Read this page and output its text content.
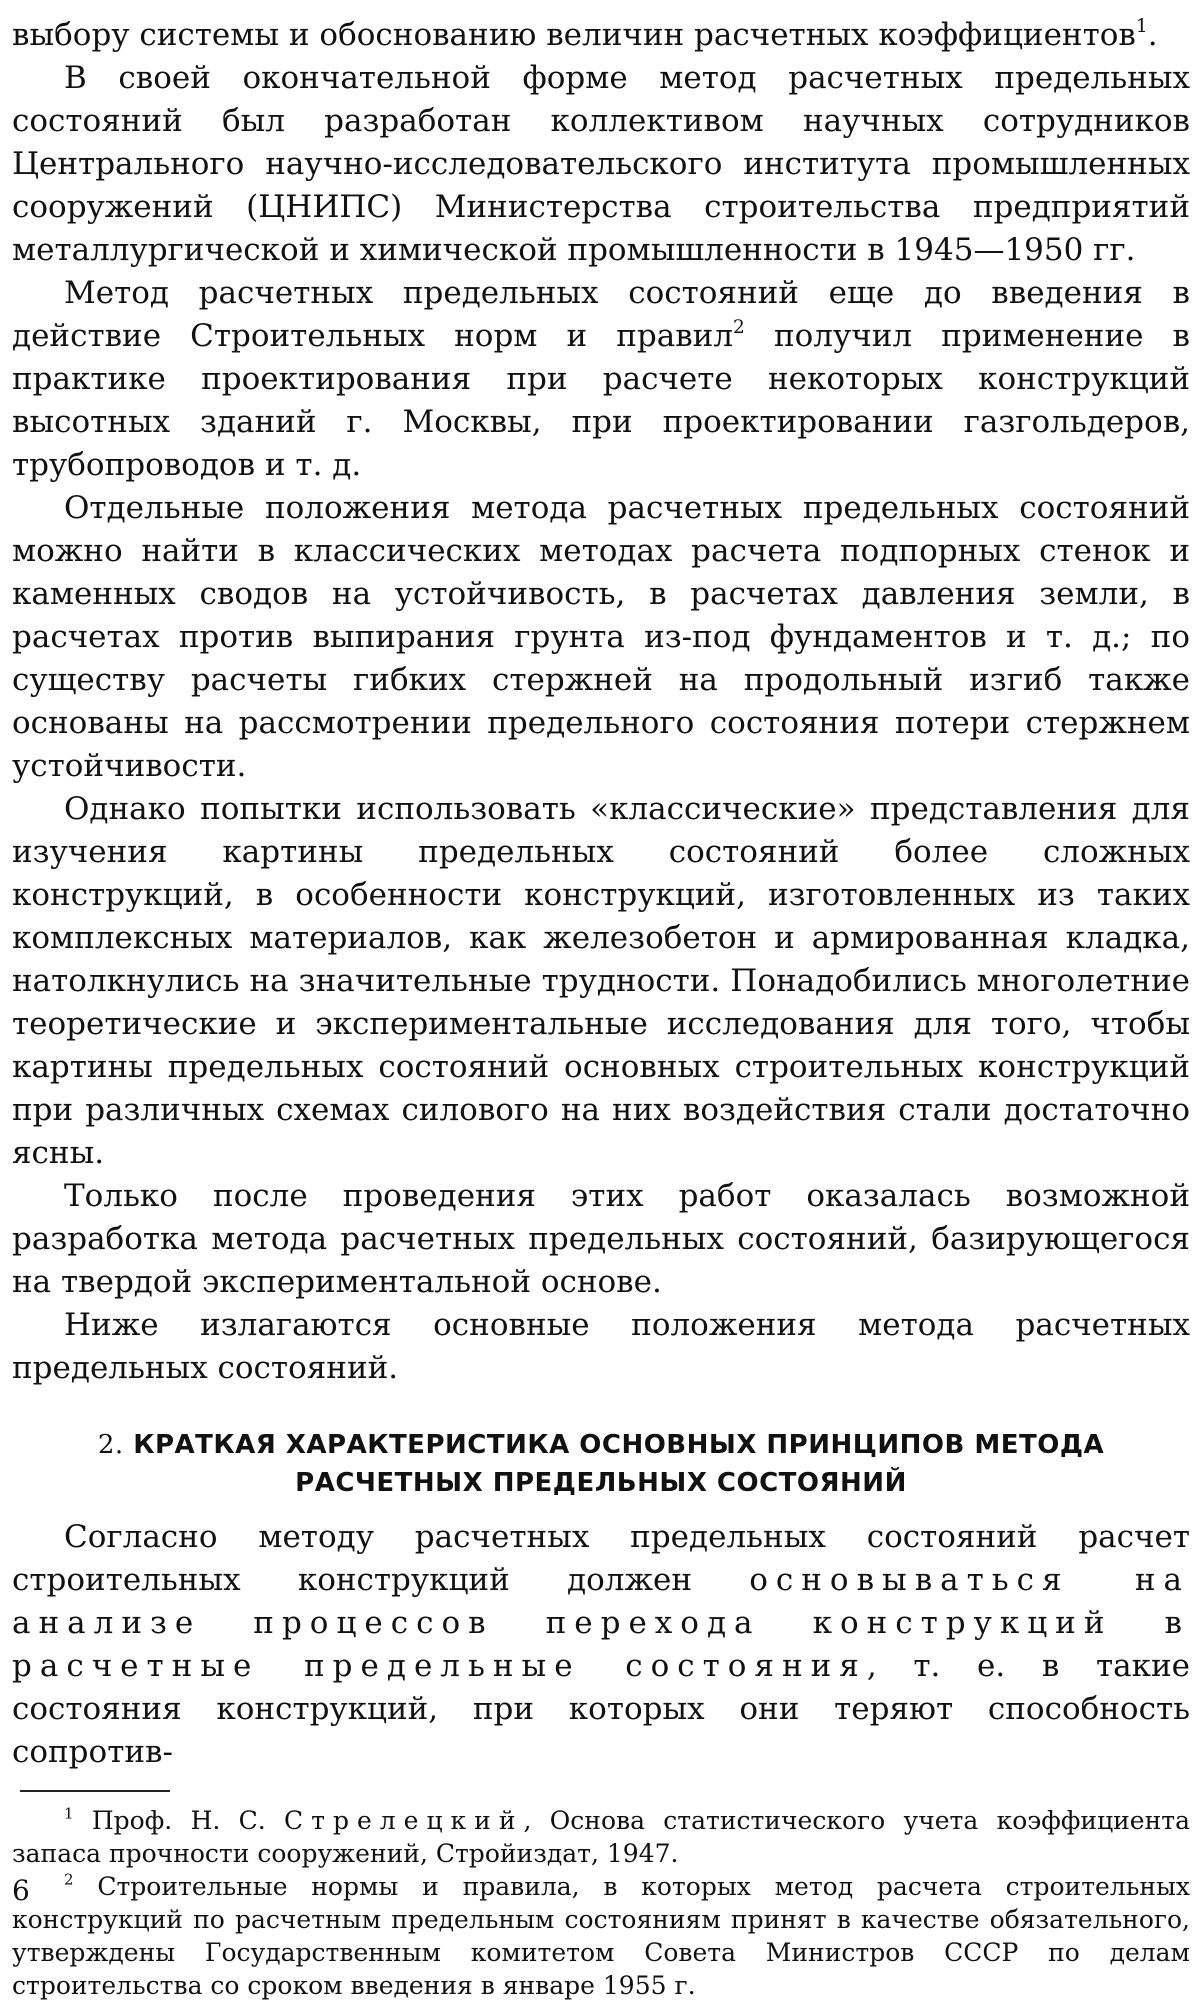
выбору системы и обоснованию величин расчетных коэффициентов$^1$.

В своей окончательной форме метод расчетных предельных состояний был разработан коллективом научных сотрудников Центрального научно-исследовательского института промышленных сооружений (ЦНИПС) Министерства строительства предприятий металлургической и химической промышленности в 1945—1950 гг.

Метод расчетных предельных состояний еще до введения в действие Строительных норм и правил$^2$ получил применение в практике проектирования при расчете некоторых конструкций высотных зданий г. Москвы, при проектировании газгольдеров, трубопроводов и т. д.

Отдельные положения метода расчетных предельных состояний можно найти в классических методах расчета подпорных стенок и каменных сводов на устойчивость, в расчетах давления земли, в расчетах против выпирания грунта из-под фундаментов и т. д.; по существу расчеты гибких стержней на продольный изгиб также основаны на рассмотрении предельного состояния потери стержнем устойчивости.

Однако попытки использовать «классические» представления для изучения картины предельных состояний более сложных конструкций, в особенности конструкций, изготовленных из таких комплексных материалов, как железобетон и армированная кладка, натолкнулись на значительные трудности. Понадобились многолетние теоретические и экспериментальные исследования для того, чтобы картины предельных состояний основных строительных конструкций при различных схемах силового на них воздействия стали достаточно ясны.

Только после проведения этих работ оказалась возможной разработка метода расчетных предельных состояний, базирующегося на твердой экспериментальной основе.

Ниже излагаются основные положения метода расчетных предельных состояний.

2. КРАТКАЯ ХАРАКТЕРИСТИКА ОСНОВНЫХ ПРИНЦИПОВ МЕТОДА
РАСЧЕТНЫХ ПРЕДЕЛЬНЫХ СОСТОЯНИЙ

Согласно методу расчетных предельных состояний расчет строительных конструкций должен основываться на анализе процессов перехода конструкций в расчетные предельные состояния, т. е. в такие состояния конструкций, при которых они теряют способность сопротив-

$^1$ Проф. Н. С. Стрелецкий, Основа статистического учета коэффициента запаса прочности сооружений, Стройиздат, 1947.

$^2$ Строительные нормы и правила, в которых метод расчета строительных конструкций по расчетным предельным состояниям принят в качестве обязательного, утверждены Государственным комитетом Совета Министров СССР по делам строительства со сроком введения в январе 1955 г.

6
